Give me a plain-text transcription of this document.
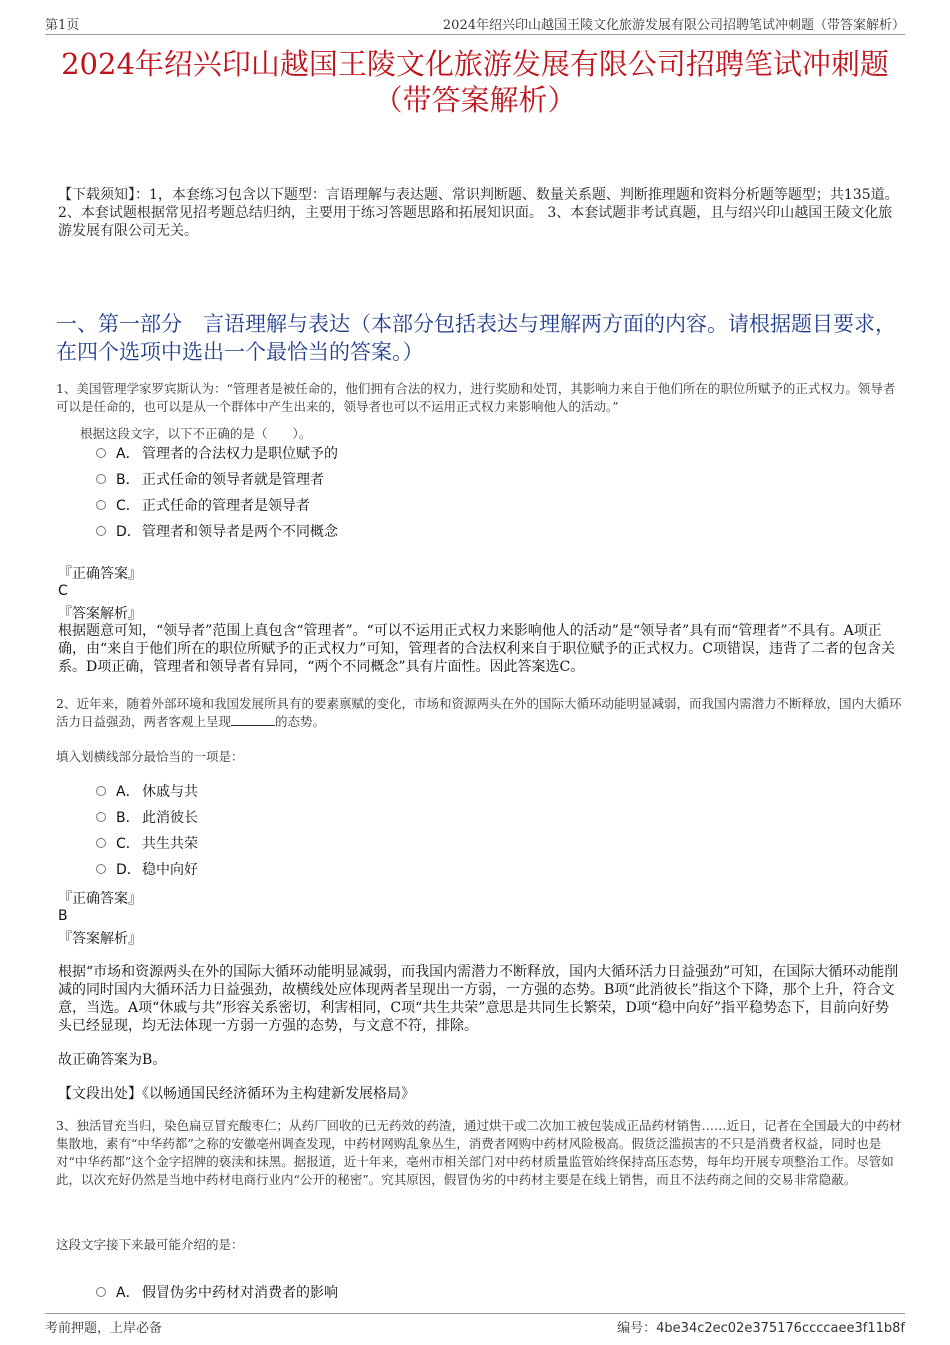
第1页	2024年绍兴印山越国王陵文化旅游发展有限公司招聘笔试冲刺题（带答案解析）
2024年绍兴印山越国王陵文化旅游发展有限公司招聘笔试冲刺题（带答案解析）
【下载须知】：1，本套练习包含以下题型：言语理解与表达题、常识判断题、数量关系题、判断推理题和资料分析题等题型；共135道。 2、本套试题根据常见招考题总结归纳，主要用于练习答题思路和拓展知识面。 3、本套试题非考试真题，且与绍兴印山越国王陵文化旅游发展有限公司无关。
一、第一部分　言语理解与表达（本部分包括表达与理解两方面的内容。请根据题目要求，在四个选项中选出一个最恰当的答案。）
1、美国管理学家罗宾斯认为：“管理者是被任命的，他们拥有合法的权力，进行奖励和处罚，其影响力来自于他们所在的职位所赋予的正式权力。领导者可以是任命的，也可以是从一个群体中产生出来的，领导者也可以不运用正式权力来影响他人的活动。”
根据这段文字，以下不正确的是（　　）。
A． 管理者的合法权力是职位赋予的
B． 正式任命的领导者就是管理者
C． 正式任命的管理者是领导者
D．管理者和领导者是两个不同概念
『正确答案』
C
『答案解析』
根据题意可知，“领导者”范围上真包含“管理者”。“可以不运用正式权力来影响他人的活动”是“领导者”具有而“管理者”不具有。A项正确，由“来自于他们所在的职位所赋予的正式权力”可知，管理者的合法权利来自于职位赋予的正式权力。C项错误，违背了二者的包含关系。D项正确，管理者和领导者有异同，“两个不同概念”具有片面性。因此答案选C。
2、近年来，随着外部环境和我国发展所具有的要素禀赋的变化，市场和资源两头在外的国际大循环动能明显减弱，而我国内需潜力不断释放，国内大循环活力日益强劲，两者客观上呈现	的态势。
填入划横线部分最恰当的一项是：
A． 休戚与共
B． 此消彼长
C． 共生共荣
D．稳中向好
『正确答案』
B
『答案解析』
根据“市场和资源两头在外的国际大循环动能明显减弱，而我国内需潜力不断释放，国内大循环活力日益强劲”可知，在国际大循环动能削减的同时国内大循环活力日益强劲，故横线处应体现两者呈现出一方弱，一方强的态势。B项“此消彼长”指这个下降，那个上升，符合文意，当选。A项“休戚与共”形容关系密切，利害相同，C项“共生共荣”意思是共同生长繁荣，D项“稳中向好”指平稳势态下，目前向好势头已经显现，均无法体现一方弱一方强的态势，与文意不符，排除。
故正确答案为B。
【文段出处】《以畅通国民经济循环为主构建新发展格局》
3、独活冒充当归，染色扁豆冒充酸枣仁；从药厂回收的已无药效的药渣，通过烘干或二次加工被包装成正品药材销售……近日，记者在全国最大的中药材集散地，素有“中华药都”之称的安徽亳州调查发现，中药材网购乱象丛生，消费者网购中药材风险极高。假货泛滥损害的不只是消费者权益，同时也是对“中华药都”这个金字招牌的亵渎和抹黑。据报道，近十年来，亳州市相关部门对中药材质量监管始终保持高压态势，每年均开展专项整治工作。尽管如此，以次充好仍然是当地中药材电商行业内“公开的秘密”。究其原因，假冒伪劣的中药材主要是在线上销售，而且不法药商之间的交易非常隐蔽。
这段文字接下来最可能介绍的是：
A． 假冒伪劣中药材对消费者的影响
考前押题，上岸必备	编号：4be34c2ec02e375176ccccaee3f11b8f
